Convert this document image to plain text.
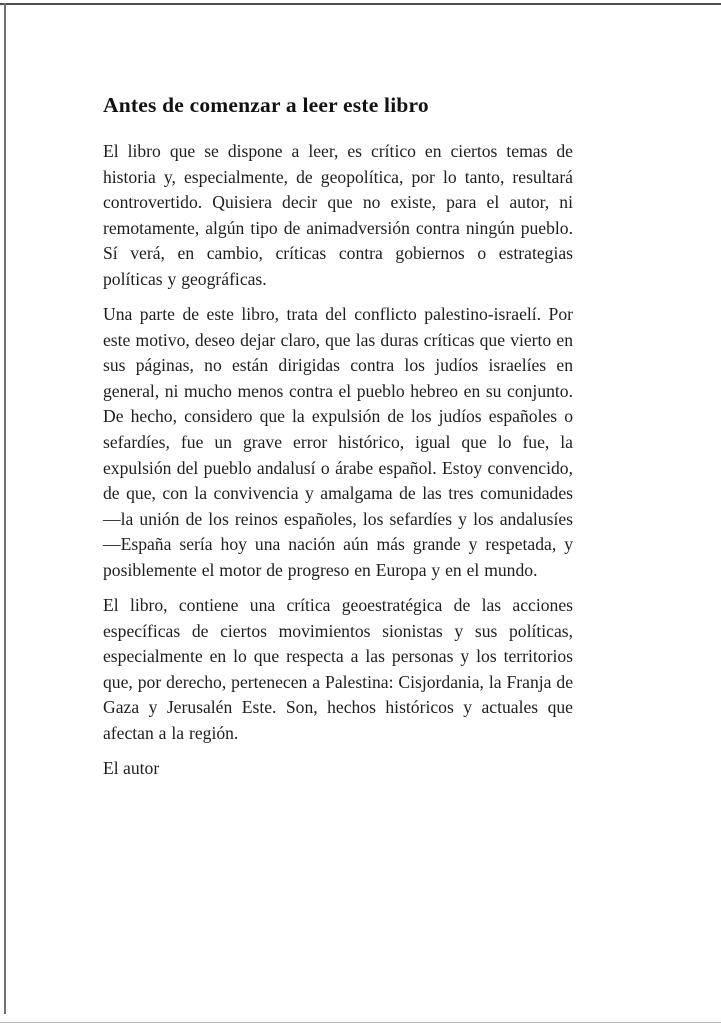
Antes de comenzar a leer este libro

El libro que se dispone a leer, es crítico en ciertos temas de historia y, especialmente, de geopolítica, por lo tanto, resultará controvertido. Quisiera decir que no existe, para el autor, ni remotamente, algún tipo de animadversión contra ningún pueblo. Sí verá, en cambio, críticas contra gobiernos o estrategias políticas y geográficas.

Una parte de este libro, trata del conflicto palestino-israelí. Por este motivo, deseo dejar claro, que las duras críticas que vierto en sus páginas, no están dirigidas contra los judíos israelíes en general, ni mucho menos contra el pueblo hebreo en su conjunto. De hecho, considero que la expulsión de los judíos españoles o sefardíes, fue un grave error histórico, igual que lo fue, la expulsión del pueblo andalusí o árabe español. Estoy convencido, de que, con la convivencia y amalgama de las tres comunidades—la unión de los reinos españoles, los sefardíes y los andalusíes—España sería hoy una nación aún más grande y respetada, y posiblemente el motor de progreso en Europa y en el mundo.

El libro, contiene una crítica geoestratégica de las acciones específicas de ciertos movimientos sionistas y sus políticas, especialmente en lo que respecta a las personas y los territorios que, por derecho, pertenecen a Palestina: Cisjordania, la Franja de Gaza y Jerusalén Este. Son, hechos históricos y actuales que afectan a la región.

El autor
